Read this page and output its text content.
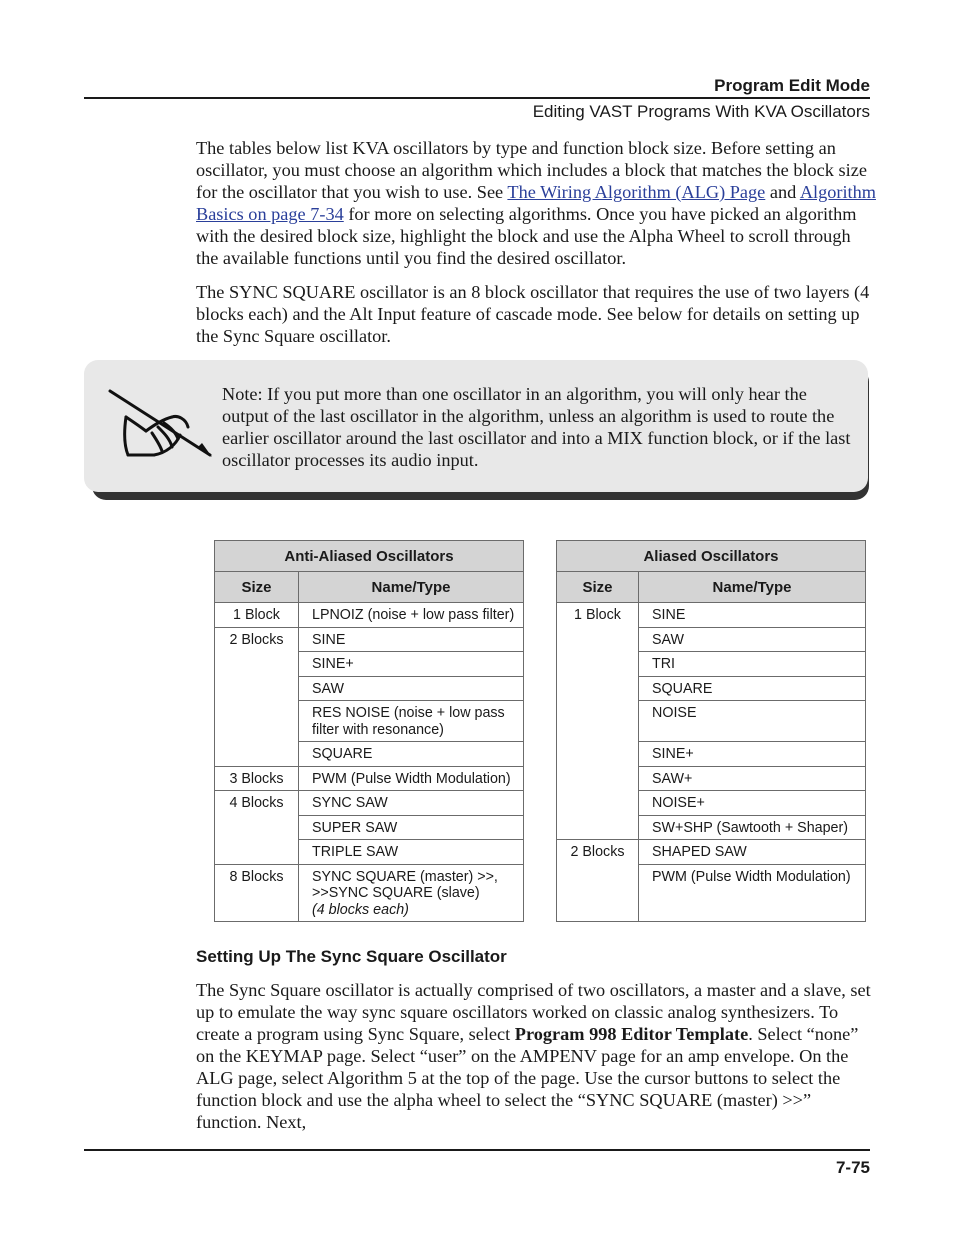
Program Edit Mode
Editing VAST Programs With KVA Oscillators

The tables below list KVA oscillators by type and function block size. Before setting an oscillator, you must choose an algorithm which includes a block that matches the block size for the oscillator that you wish to use. See The Wiring Algorithm (ALG) Page and Algorithm Basics on page 7-34 for more on selecting algorithms. Once you have picked an algorithm with the desired block size, highlight the block and use the Alpha Wheel to scroll through the available functions until you find the desired oscillator.

The SYNC SQUARE oscillator is an 8 block oscillator that requires the use of two layers (4 blocks each) and the Alt Input feature of cascade mode. See below for details on setting up the Sync Square oscillator.

Note: If you put more than one oscillator in an algorithm, you will only hear the output of the last oscillator in the algorithm, unless an algorithm is used to route the earlier oscillator around the last oscillator and into a MIX function block, or if the last oscillator processes its audio input.

Anti-Aliased Oscillators	
Size	Name/Type
1 Block	LPNOIZ (noise + low pass filter)
2 Blocks	SINE
	SINE+
	SAW
	RES NOISE (noise + low pass filter with resonance)
	SQUARE
3 Blocks	PWM (Pulse Width Modulation)
4 Blocks	SYNC SAW
	SUPER SAW
	TRIPLE SAW
8 Blocks	SYNC SQUARE (master) >>, >>SYNC SQUARE (slave)
(4 blocks each)
Aliased Oscillators	
Size	Name/Type
1 Block	SINE
	SAW
	TRI
	SQUARE
	NOISE
	SINE+
	SAW+
	NOISE+
	SW+SHP (Sawtooth + Shaper)
2 Blocks	SHAPED SAW
	PWM (Pulse Width Modulation)
Setting Up The Sync Square Oscillator

The Sync Square oscillator is actually comprised of two oscillators, a master and a slave, set up to emulate the way sync square oscillators worked on classic analog synthesizers. To create a program using Sync Square, select Program 998 Editor Template. Select “none” on the KEYMAP page. Select “user” on the AMPENV page for an amp envelope. On the ALG page, select Algorithm 5 at the top of the page. Use the cursor buttons to select the function block and use the alpha wheel to select the “SYNC SQUARE (master) >>” function. Next,

7-75
